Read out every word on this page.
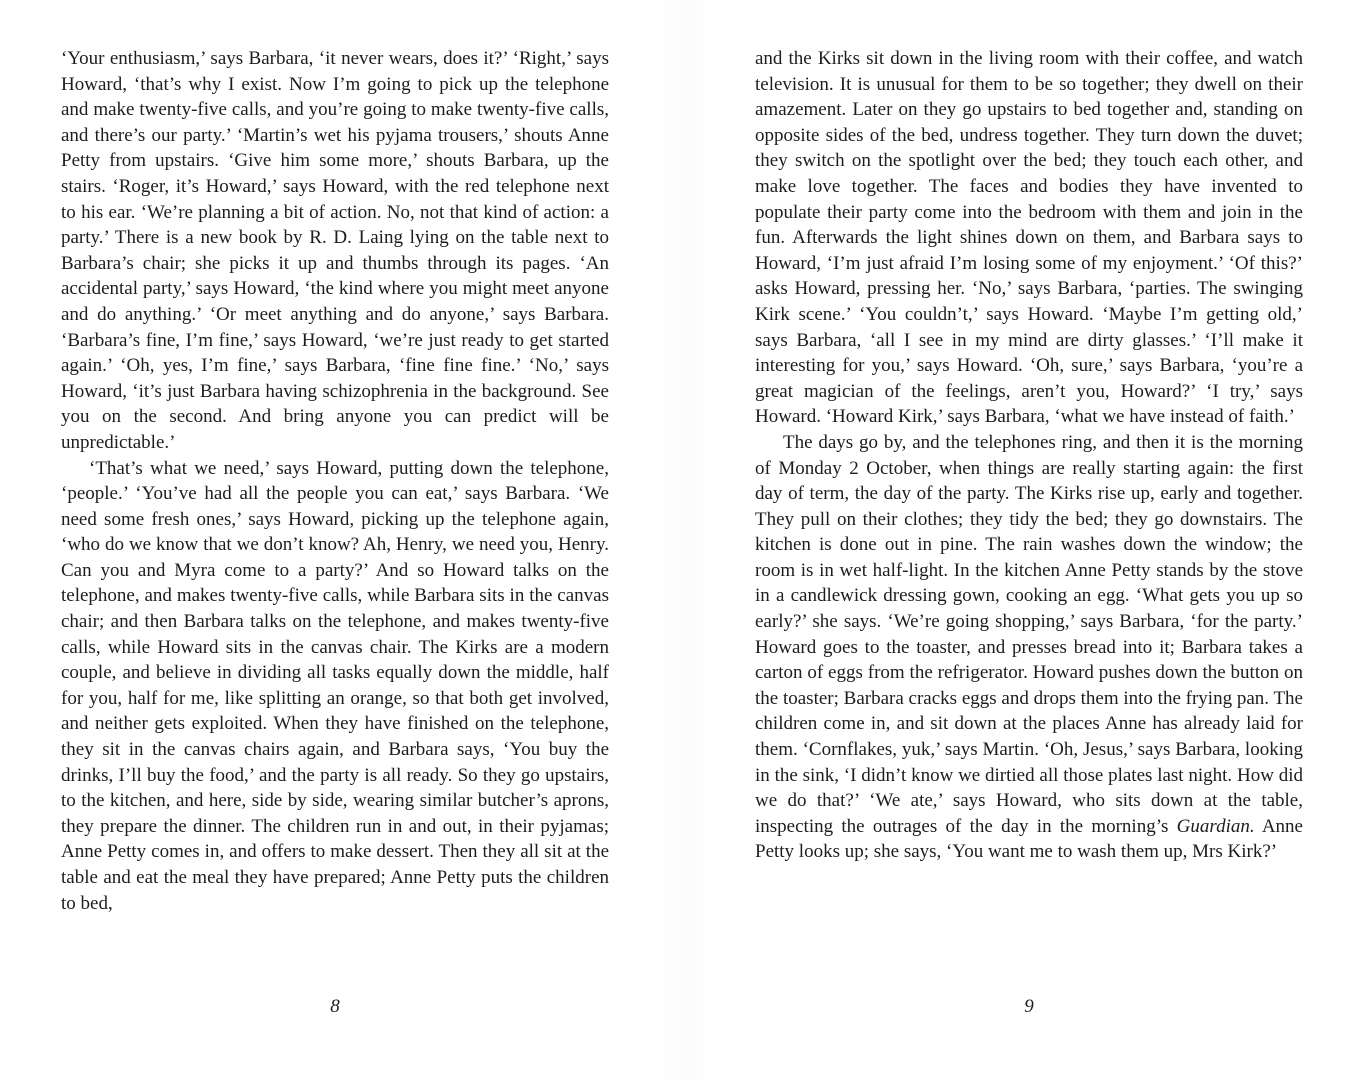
‘Your enthusiasm,’ says Barbara, ‘it never wears, does it?’ ‘Right,’ says Howard, ‘that’s why I exist. Now I’m going to pick up the telephone and make twenty-five calls, and you’re going to make twenty-five calls, and there’s our party.’ ‘Martin’s wet his pyjama trousers,’ shouts Anne Petty from upstairs. ‘Give him some more,’ shouts Barbara, up the stairs. ‘Roger, it’s Howard,’ says Howard, with the red telephone next to his ear. ‘We’re planning a bit of action. No, not that kind of action: a party.’ There is a new book by R. D. Laing lying on the table next to Barbara’s chair; she picks it up and thumbs through its pages. ‘An accidental party,’ says Howard, ‘the kind where you might meet anyone and do anything.’ ‘Or meet anything and do anyone,’ says Barbara. ‘Barbara’s fine, I’m fine,’ says Howard, ‘we’re just ready to get started again.’ ‘Oh, yes, I’m fine,’ says Barbara, ‘fine fine fine.’ ‘No,’ says Howard, ‘it’s just Barbara having schizophrenia in the background. See you on the second. And bring anyone you can predict will be unpredictable.’

‘That’s what we need,’ says Howard, putting down the telephone, ‘people.’ ‘You’ve had all the people you can eat,’ says Barbara. ‘We need some fresh ones,’ says Howard, picking up the telephone again, ‘who do we know that we don’t know? Ah, Henry, we need you, Henry. Can you and Myra come to a party?’ And so Howard talks on the telephone, and makes twenty-five calls, while Barbara sits in the canvas chair; and then Barbara talks on the telephone, and makes twenty-five calls, while Howard sits in the canvas chair. The Kirks are a modern couple, and believe in dividing all tasks equally down the middle, half for you, half for me, like splitting an orange, so that both get involved, and neither gets exploited. When they have finished on the telephone, they sit in the canvas chairs again, and Barbara says, ‘You buy the drinks, I’ll buy the food,’ and the party is all ready. So they go upstairs, to the kitchen, and here, side by side, wearing similar butcher’s aprons, they prepare the dinner. The children run in and out, in their pyjamas; Anne Petty comes in, and offers to make dessert. Then they all sit at the table and eat the meal they have prepared; Anne Petty puts the children to bed,

8

and the Kirks sit down in the living room with their coffee, and watch television. It is unusual for them to be so together; they dwell on their amazement. Later on they go upstairs to bed together and, standing on opposite sides of the bed, undress together. They turn down the duvet; they switch on the spotlight over the bed; they touch each other, and make love together. The faces and bodies they have invented to populate their party come into the bedroom with them and join in the fun. Afterwards the light shines down on them, and Barbara says to Howard, ‘I’m just afraid I’m losing some of my enjoyment.’ ‘Of this?’ asks Howard, pressing her. ‘No,’ says Barbara, ‘parties. The swinging Kirk scene.’ ‘You couldn’t,’ says Howard. ‘Maybe I’m getting old,’ says Barbara, ‘all I see in my mind are dirty glasses.’ ‘I’ll make it interesting for you,’ says Howard. ‘Oh, sure,’ says Barbara, ‘you’re a great magician of the feelings, aren’t you, Howard?’ ‘I try,’ says Howard. ‘Howard Kirk,’ says Barbara, ‘what we have instead of faith.’

The days go by, and the telephones ring, and then it is the morning of Monday 2 October, when things are really starting again: the first day of term, the day of the party. The Kirks rise up, early and together. They pull on their clothes; they tidy the bed; they go downstairs. The kitchen is done out in pine. The rain washes down the window; the room is in wet half-light. In the kitchen Anne Petty stands by the stove in a candlewick dressing gown, cooking an egg. ‘What gets you up so early?’ she says. ‘We’re going shopping,’ says Barbara, ‘for the party.’ Howard goes to the toaster, and presses bread into it; Barbara takes a carton of eggs from the refrigerator. Howard pushes down the button on the toaster; Barbara cracks eggs and drops them into the frying pan. The children come in, and sit down at the places Anne has already laid for them. ‘Cornflakes, yuk,’ says Martin. ‘Oh, Jesus,’ says Barbara, looking in the sink, ‘I didn’t know we dirtied all those plates last night. How did we do that?’ ‘We ate,’ says Howard, who sits down at the table, inspecting the outrages of the day in the morning’s Guardian. Anne Petty looks up; she says, ‘You want me to wash them up, Mrs Kirk?’

9
